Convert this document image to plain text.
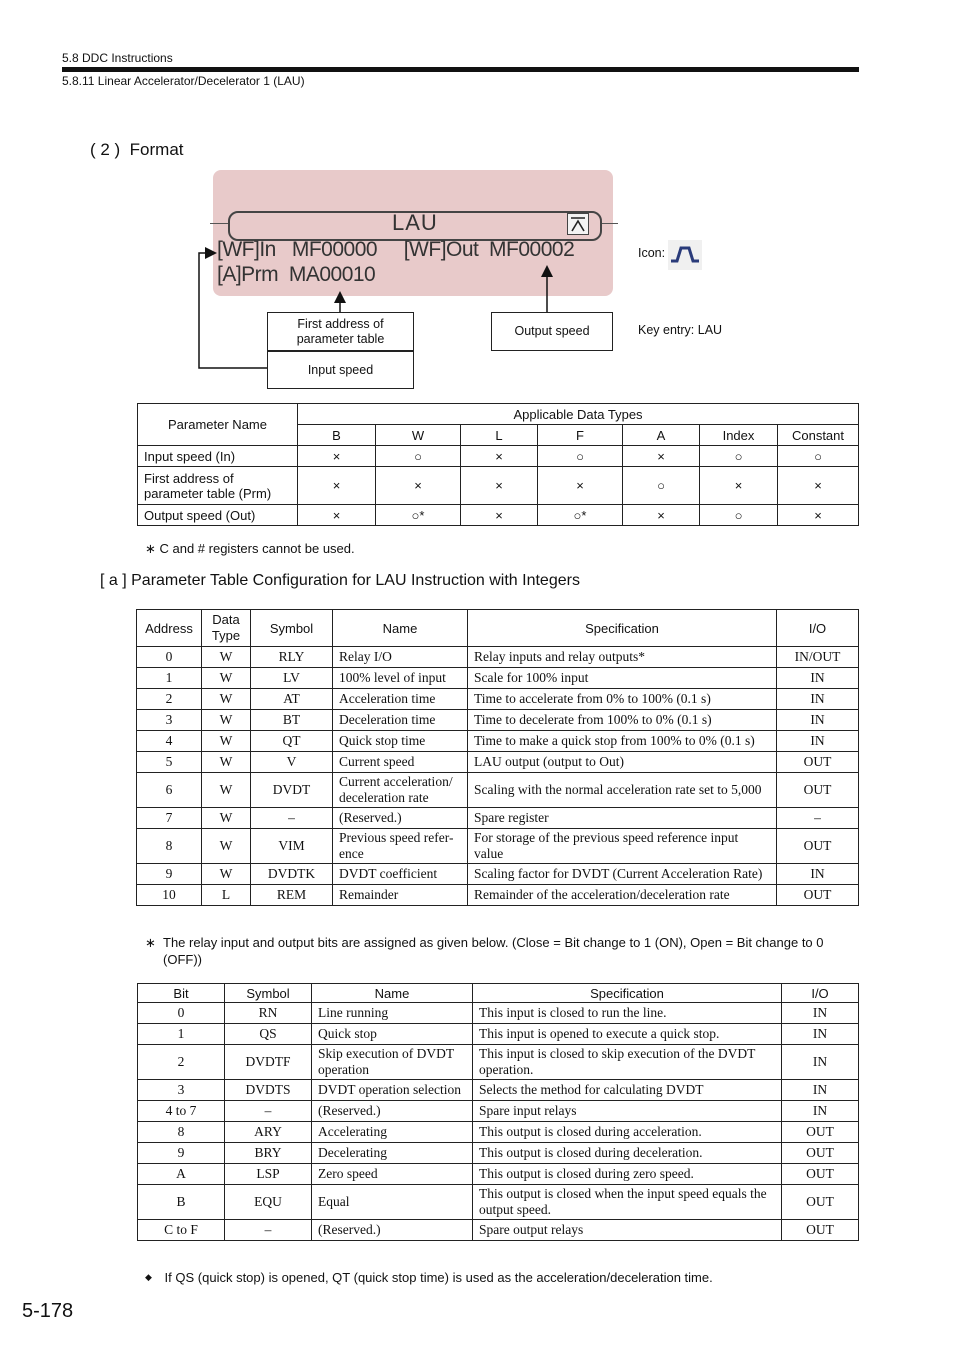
5.8 DDC Instructions
5.8.11 Linear Accelerator/Decelerator 1 (LAU)
( 2 )  Format
LAU
[WF]In   MF00000     [WF]Out  MF00002
[A]Prm  MA00010
First address of parameter table
Output speed
Input speed
Icon:
Key entry: LAU
Parameter Name	Applicable Data Types						
	B	W	L	F	A	Index	Constant
Input speed (In)	×	○	×	○	×	○	○
First address of parameter table (Prm)	×	×	×	×	○	×	×
Output speed (Out)	×	○*	×	○*	×	○	×
∗ C and # registers cannot be used.
[ a ] Parameter Table Configuration for LAU Instruction with Integers
Address	Data Type	Symbol	Name	Specification	I/O
0	W	RLY	Relay I/O	Relay inputs and relay outputs*	IN/OUT
1	W	LV	100% level of input	Scale for 100% input	IN
2	W	AT	Acceleration time	Time to accelerate from 0% to 100% (0.1 s)	IN
3	W	BT	Deceleration time	Time to decelerate from 100% to 0% (0.1 s)	IN
4	W	QT	Quick stop time	Time to make a quick stop from 100% to 0% (0.1 s)	IN
5	W	V	Current speed	LAU output (output to Out)	OUT
6	W	DVDT	Current acceleration/ deceleration rate	Scaling with the normal acceleration rate set to 5,000	OUT
7	W	–	(Reserved.)	Spare register	–
8	W	VIM	Previous speed refer- ence	For storage of the previous speed reference input value	OUT
9	W	DVDTK	DVDT coefficient	Scaling factor for DVDT (Current Acceleration Rate)	IN
10	L	REM	Remainder	Remainder of the acceleration/deceleration rate	OUT
∗ The relay input and output bits are assigned as given below. (Close = Bit change to 1 (ON), Open = Bit change to 0 (OFF))
Bit	Symbol	Name	Specification	I/O
0	RN	Line running	This input is closed to run the line.	IN
1	QS	Quick stop	This input is opened to execute a quick stop.	IN
2	DVDTF	Skip execution of DVDT operation	This input is closed to skip execution of the DVDT operation.	IN
3	DVDTS	DVDT operation selection	Selects the method for calculating DVDT	IN
4 to 7	–	(Reserved.)	Spare input relays	IN
8	ARY	Accelerating	This output is closed during acceleration.	OUT
9	BRY	Decelerating	This output is closed during deceleration.	OUT
A	LSP	Zero speed	This output is closed during zero speed.	OUT
B	EQU	Equal	This output is closed when the input speed equals the output speed.	OUT
C to F	–	(Reserved.)	Spare output relays	OUT
◆ If QS (quick stop) is opened, QT (quick stop time) is used as the acceleration/deceleration time.
5-178
